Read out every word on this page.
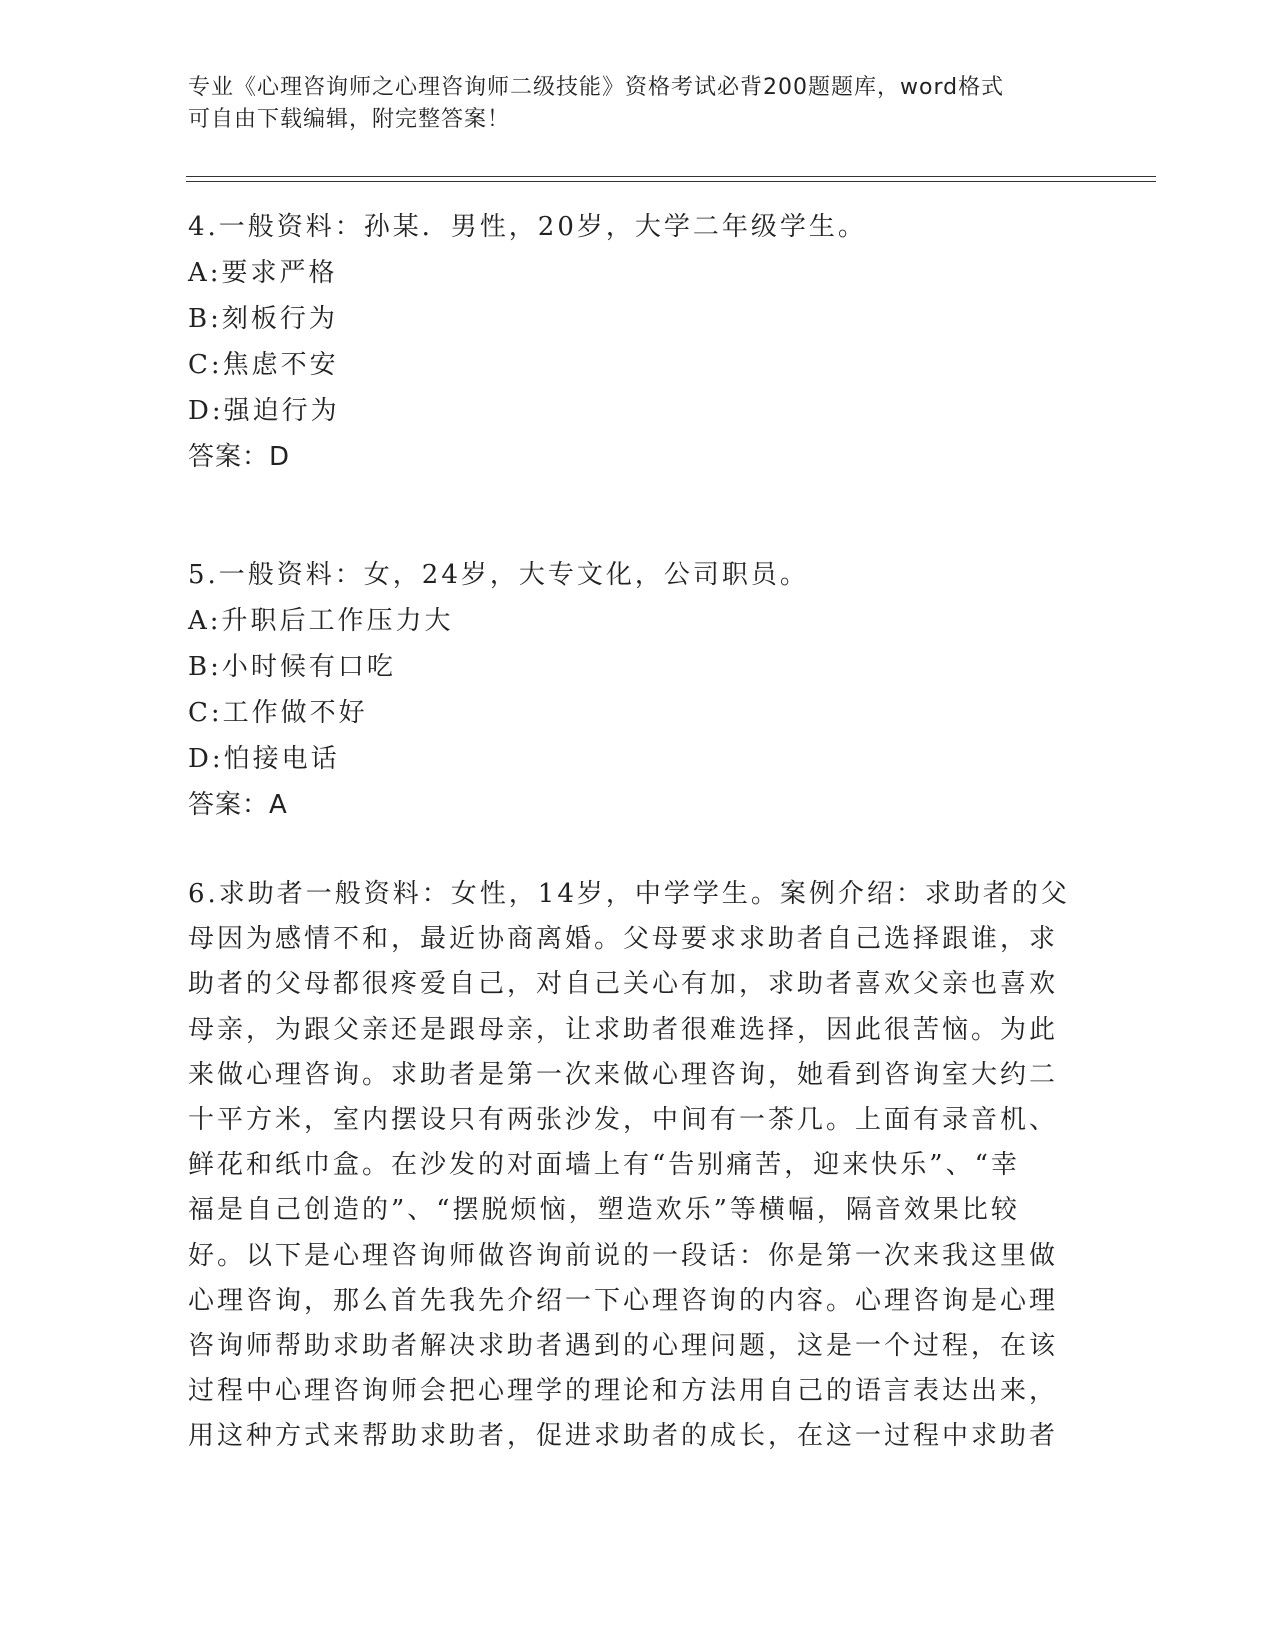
专业《心理咨询师之心理咨询师二级技能》资格考试必背200题题库，word格式
可自由下载编辑，附完整答案！
4.一般资料：孙某．男性，20岁，大学二年级学生。
A:要求严格
B:刻板行为
C:焦虑不安
D:强迫行为
答案：D
5.一般资料：女，24岁，大专文化，公司职员。
A:升职后工作压力大
B:小时候有口吃
C:工作做不好
D:怕接电话
答案：A
6.求助者一般资料：女性，14岁，中学学生。案例介绍：求助者的父
母因为感情不和，最近协商离婚。父母要求求助者自己选择跟谁，求
助者的父母都很疼爱自己，对自己关心有加，求助者喜欢父亲也喜欢
母亲，为跟父亲还是跟母亲，让求助者很难选择，因此很苦恼。为此
来做心理咨询。求助者是第一次来做心理咨询，她看到咨询室大约二
十平方米，室内摆设只有两张沙发，中间有一茶几。上面有录音机、
鲜花和纸巾盒。在沙发的对面墙上有“告别痛苦，迎来快乐”、“幸
福是自己创造的”、“摆脱烦恼，塑造欢乐”等横幅，隔音效果比较
好。以下是心理咨询师做咨询前说的一段话：你是第一次来我这里做
心理咨询，那么首先我先介绍一下心理咨询的内容。心理咨询是心理
咨询师帮助求助者解决求助者遇到的心理问题，这是一个过程，在该
过程中心理咨询师会把心理学的理论和方法用自己的语言表达出来，
用这种方式来帮助求助者，促进求助者的成长，在这一过程中求助者
